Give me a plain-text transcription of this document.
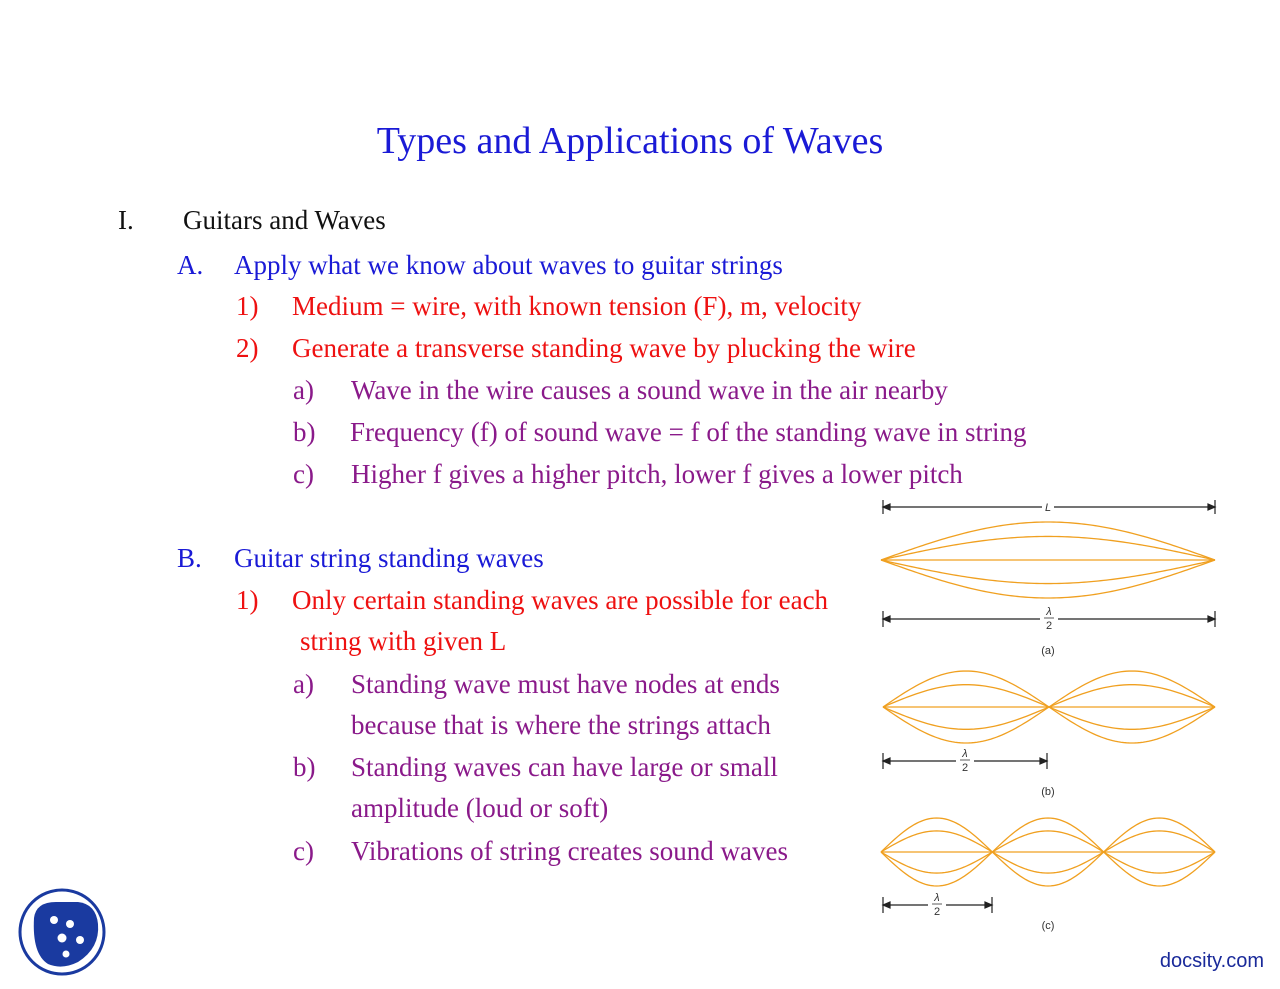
Types and Applications of Waves
I. Guitars and Waves
A. Apply what we know about waves to guitar strings
1) Medium = wire, with known tension (F), m, velocity
2) Generate a transverse standing wave by plucking the wire
a) Wave in the wire causes a sound wave in the air nearby
b) Frequency (f) of sound wave = f of the standing wave in string
c) Higher f gives a higher pitch, lower f gives a lower pitch
B. Guitar string standing waves
1) Only certain standing waves are possible for each
string with given L
a) Standing wave must have nodes at ends
because that is where the strings attach
b) Standing waves can have large or small
amplitude (loud or soft)
c) Vibrations of string creates sound waves
L
λ
2
(a)
λ
2
(b)
λ
2
(c)
docsity.com
